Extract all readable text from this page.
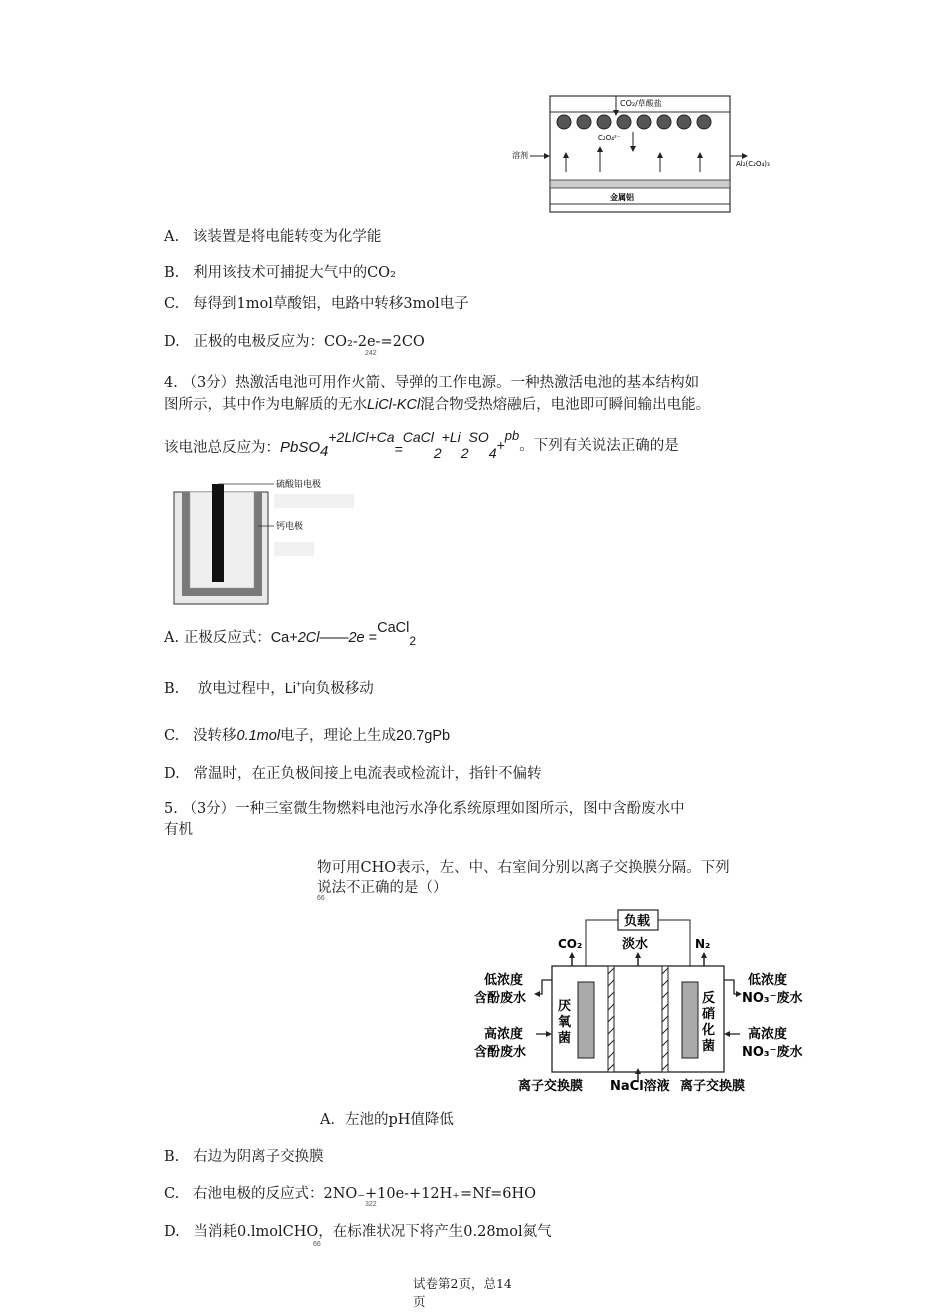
CO₂/草酸盐
C₂O₄²⁻
溶剂
Al₂(C₂O₄)₃
金属铝
A. 该装置是将电能转变为化学能
B. 利用该技术可捕捉大气中的CO₂
C. 每得到1mol草酸铝，电路中转移3mol电子
D. 正极的电极反应为：CO₂-2e-=2CO
242
4. （3分）热激活电池可用作火箭、导弹的工作电源。一种热激活电池的基本结构如
图所示，其中作为电解质的无水LiCl-KCl混合物受热熔融后，电池即可瞬间输出电能。
该电池总反应为：PbSO4+2LlCl+Ca=CaCl2+Li2SO4+pb。下列有关说法正确的是
硫酸铅电极
钙电极
A. 正极反应式：Ca+2Cl——2e =CaCl$_2$
B. 放电过程中，Li+向负极移动
C. 没转移0.1mol电子，理论上生成20.7gPb
D. 常温时，在正负极间接上电流表或检流计，指针不偏转
5. （3分）一种三室微生物燃料电池污水净化系统原理如图所示，图中含酚废水中
有机
物可用CHO表示，左、中、右室间分别以离子交换膜分隔。下列
说法不正确的是（）
66
负载
CO₂	淡水	N₂
厌
氧
菌
反
硝
化
菌
低浓度
含酚废水
高浓度
含酚废水
低浓度
NO₃⁻废水
高浓度
NO₃⁻废水
离子交换膜 NaCl溶液 离子交换膜
A．左池的pH值降低
B. 右边为阴离子交换膜
C. 右池电极的反应式：2NO₋+10e-+12H₊=Nf=6HO
322
D. 当消耗0.lmolCHO，在标准状况下将产生0.28mol氮气
66
试卷第2页，总14
页
